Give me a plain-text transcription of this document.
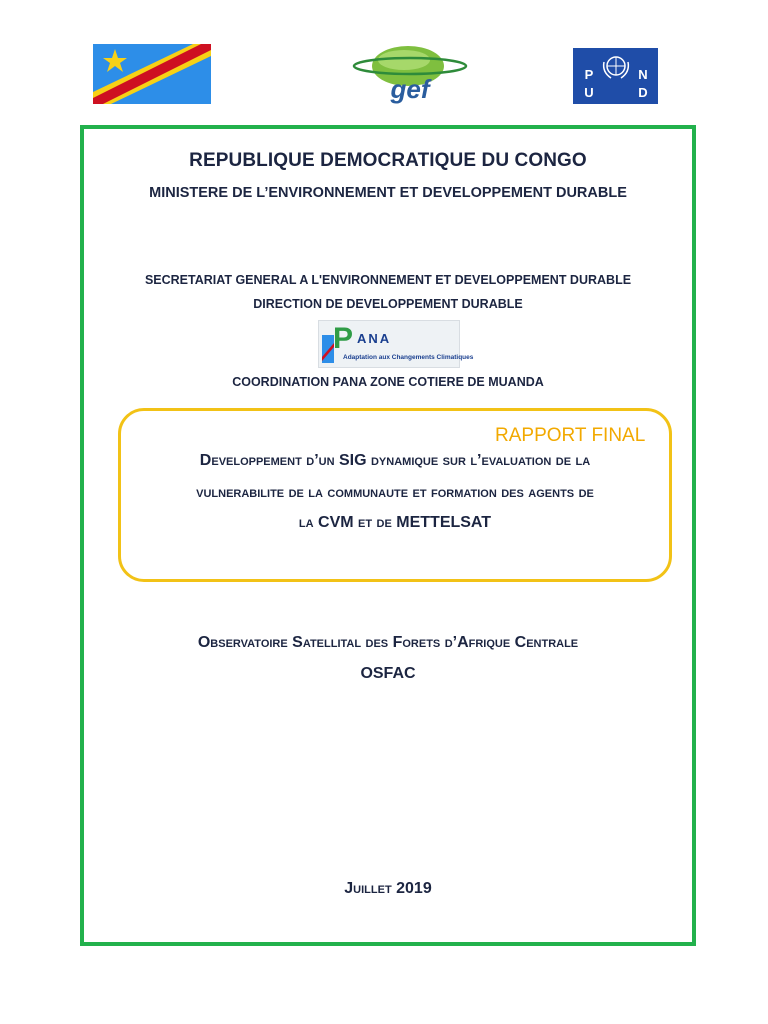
gef	P
U
N
D
REPUBLIQUE DEMOCRATIQUE DU CONGO
MINISTERE DE L’ENVIRONNEMENT ET DEVELOPPEMENT DURABLE
SECRETARIAT GENERAL A L'ENVIRONNEMENT ET DEVELOPPEMENT DURABLE
DIRECTION DE DEVELOPPEMENT DURABLE
P ANA
Adaptation aux Changements Climatiques
COORDINATION PANA ZONE COTIERE DE MUANDA
RAPPORT FINAL
Developpement d’un SIG dynamique sur l’evaluation de la
vulnerabilite de la communaute et formation des agents de
la CVM et de METTELSAT
Observatoire Satellital des Forets d’Afrique Centrale
OSFAC
Juillet 2019
